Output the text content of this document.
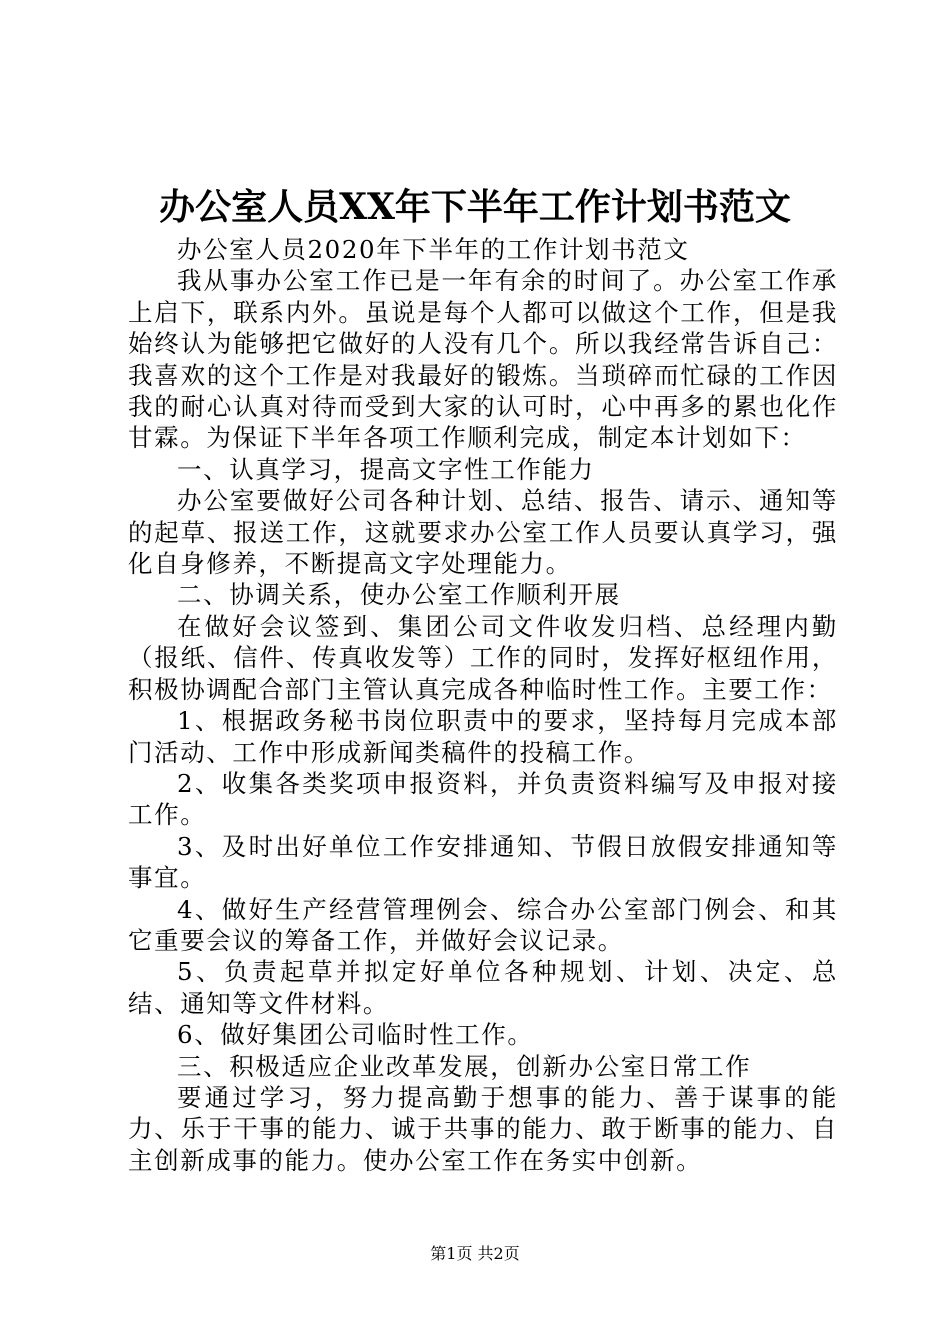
办公室人员XX年下半年工作计划书范文

办公室人员2020年下半年的工作计划书范文

我从事办公室工作已是一年有余的时间了。办公室工作承上启下，联系内外。虽说是每个人都可以做这个工作，但是我始终认为能够把它做好的人没有几个。所以我经常告诉自己：我喜欢的这个工作是对我最好的锻炼。当琐碎而忙碌的工作因我的耐心认真对待而受到大家的认可时，心中再多的累也化作甘霖。为保证下半年各项工作顺利完成，制定本计划如下：

一、认真学习，提高文字性工作能力

办公室要做好公司各种计划、总结、报告、请示、通知等的起草、报送工作，这就要求办公室工作人员要认真学习，强化自身修养，不断提高文字处理能力。

二、协调关系，使办公室工作顺利开展

在做好会议签到、集团公司文件收发归档、总经理内勤（报纸、信件、传真收发等）工作的同时，发挥好枢纽作用，积极协调配合部门主管认真完成各种临时性工作。主要工作：

1、根据政务秘书岗位职责中的要求，坚持每月完成本部门活动、工作中形成新闻类稿件的投稿工作。

2、收集各类奖项申报资料，并负责资料编写及申报对接工作。

3、及时出好单位工作安排通知、节假日放假安排通知等事宜。

4、做好生产经营管理例会、综合办公室部门例会、和其它重要会议的筹备工作，并做好会议记录。

5、负责起草并拟定好单位各种规划、计划、决定、总结、通知等文件材料。

6、做好集团公司临时性工作。

三、积极适应企业改革发展，创新办公室日常工作

要通过学习，努力提高勤于想事的能力、善于谋事的能力、乐于干事的能力、诚于共事的能力、敢于断事的能力、自主创新成事的能力。使办公室工作在务实中创新。

第1页 共2页
